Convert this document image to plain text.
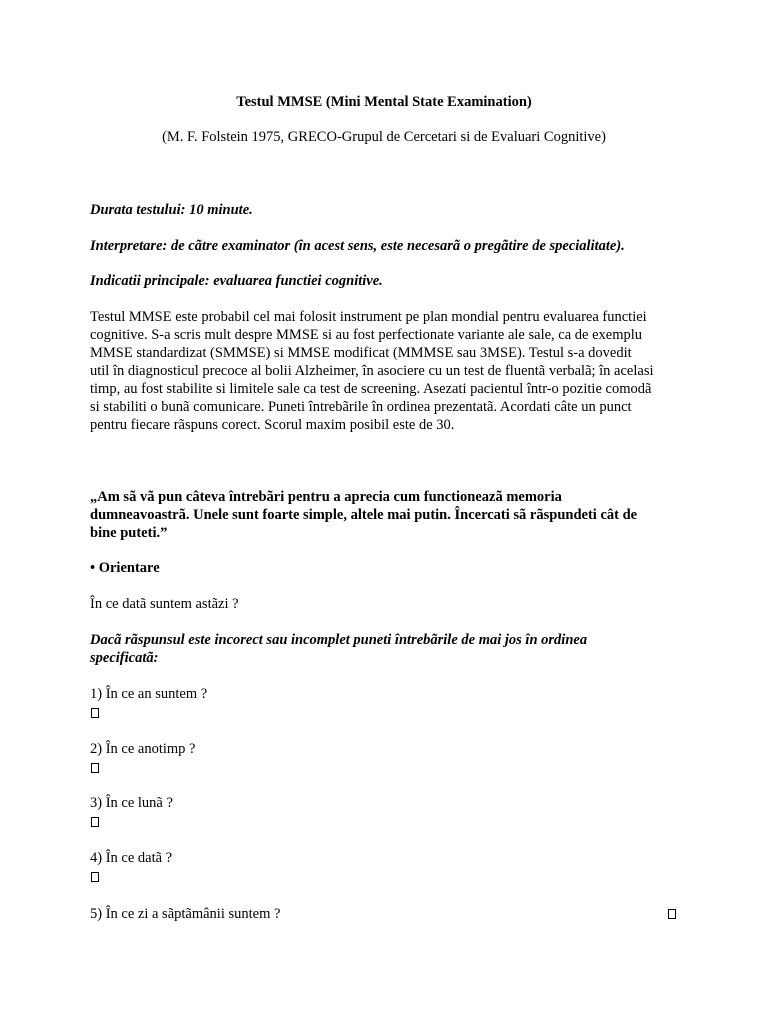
Testul MMSE (Mini Mental State Examination)

(M. F. Folstein 1975, GRECO-Grupul de Cercetari si de Evaluari Cognitive)

Durata testului: 10 minute.

Interpretare: de cãtre examinator (în acest sens, este necesarã o pregãtire de specialitate).

Indicatii principale: evaluarea functiei cognitive.

Testul MMSE este probabil cel mai folosit instrument pe plan mondial pentru evaluarea functiei
cognitive. S-a scris mult despre MMSE si au fost perfectionate variante ale sale, ca de exemplu
MMSE standardizat (SMMSE) si MMSE modificat (MMMSE sau 3MSE). Testul s-a dovedit
util în diagnosticul precoce al bolii Alzheimer, în asociere cu un test de fluentã verbalã; în acelasi
timp, au fost stabilite si limitele sale ca test de screening. Asezati pacientul într-o pozitie comodã
si stabiliti o bunã comunicare. Puneti întrebãrile în ordinea prezentatã. Acordati câte un punct
pentru fiecare rãspuns corect. Scorul maxim posibil este de 30.

„Am sã vã pun câteva întrebãri pentru a aprecia cum functioneazã memoria
dumneavoastrã. Unele sunt foarte simple, altele mai putin. Încercati sã rãspundeti cât de
bine puteti.”

• Orientare

În ce datã suntem astãzi ?

Dacã rãspunsul este incorect sau incomplet puneti întrebãrile de mai jos în ordinea
specificatã:

1) În ce an suntem ?

2) În ce anotimp ?

3) În ce lunã ?

4) În ce datã ?

5) În ce zi a sãptãmânii suntem ?
